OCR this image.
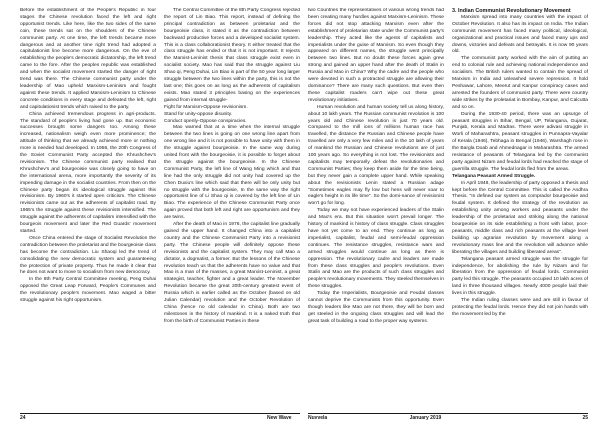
Before the establishment of the People's Republic in four stages the Chinese revolution faced the left and right opportunist trends. Like here, like the two sides of the same coin, these trends sat on the shoulders of the Chinese communist party. At one time, the left trends became more dangerous and at another time right trend had adopted a capitulationist line become more dangerous. On the eve of establishing the people's democratic dictatorship, the left trend came to the fore. After the peoples republic was established and when the socialist movement started the danger of right trend was there. The Chinese communist party under the leadership of Mao upheld Marxism-Leninism and fought against these trends. It applied Marxism-Leninism to Chinese concrete conditions in every stage and defeated the left, right and capitulationist trends which raised to the party.

China achieved tremendous progress in agri-products. The standard of people's living had gone up. But economic successes brought some dangers too. Among these increased, nationalism weigh even more prominence; the attitude of thinking that we already achieved more or nothing more is needed had developed. In 1956, the 20th Congress of the Soviet Communist Party accepted the Khrushchev's revisionism. The Chinese communist party realised that Khrushchev's and bourgeoisie was closely going to have on the international arena, more importantly the severity of its impending damage in the socialist countries. From then on the Chinese party began its ideological struggle against this revisionism. By 1960's it started open criticism. The Chinese revisionists came out as the adherents of capitalist road. By 1965's the struggle against these revisionists intensified. The struggle against the adherents of capitalism intensified with the bourgeois movement and later the Red Guards' movement started.

Once China entered the stage of Socialist Revolution the contradiction between the proletariat and the bourgeoisie class has become the contradiction. Liu Shaoqi led the trend of consolidating the new democratic system and guaranteeing the protection of private property. Thus he made it clear that he does not want to move to socialism from new democracy.

In the 8th Party Central Committee meeting, Peng Duhai opposed the Great Leap Forward, People's Communes and the revolutionary people's movement. Mao waged a bitter struggle against his right opportunism.

The Central Committee of the 8th Party Congress rejected the report of Lin Biao. This report, instead of defining the principal contradiction as between proletariat and the bourgeoisie class, it stated it as the contradiction between backward productive forces and a developed socialist system. This is a class collaborationist theory. It either treated that the class struggle has ended or that it is not important. It rejects the Marxist-Leninist thesis that class struggle exist even in socialist society. Mao has said that the struggle against Liu Shao qi, Peng Duhai, Lin Biao is part of the 50 year long larger struggle between the two lines within the party, this is not the last one; this goes on as long as the adherents of capitalism exists. Mao stated 3 principles basing on the experiences gained from internal struggle-

Fight for Marxism-Oppose revisionism.

Stand for unity-oppose disunity.

Conduct openly-Oppose conspiracies.

Mao warned that at a time when the internal struggle between the two lines is going on one wrong line apart from one wrong line and it is not possible to have unity with them in the struggle against bourgeoisie. In the same way during united front with the bourgeoisie, it is possible to forget about the struggle against the bourgeoisie. In the Chinese Communist Party, the left line of Wang Ming which and that line had the only struggle did not unity had covered up the Chen Duxiu's line which said that there will be only unity but no struggle with the bourgeoisie, In the same way the right opportunist line of Li Shao qi is covered by the left line of Lin Biao. The experience of the Chinese Communist Party once again proved that both left and right are opportunism and they are twins.

After the death of Mao in 1976, the capitalist line gradually gained the upper hand. It changed China into a capitalist country and the Chinese Communist Party into a revisionist party. The Chinese people will definitely oppose these revisionists and the capitalist system. They may call Mao a dictator, a dogmatist, a former. But the lessons of the Chinese revolution teach us that the adherents have no value and that Mao is a man of the masses, a great Marxist-Leninist, a great strategist, teacher, fighter and a great leader. The November Revolution became the great 20th-century greatest event of Russia which is earlier called as the October (based on old Julian Calendar) revolution and the October Revolution of China (hence no old calendar in China). Both are two milestones in the history of mankind. It is a naked truth that from the birth of Communist Parties in these

two Countries the representatives of various wrong trends had been creating many hurdles against Marxism-Leninism. These forces did not stop attacking Marxism even after the establishment of proletarian state under the Communist party's leadership. They acted like the agents of capitalists and imperialists under the guise of Marxism. So even though they appeared on different names, the struggle went principally between two lines. But no doubt these forces again grew strong and gained an upper hand after the death of Stalin in Russia and Mao in China? Why the cadre and the people who were devoted in such a protracted struggle are allowing their dominance? There are many such questions. But even then these capitalist roaders can't wipe out these great revolutionary initiatives.

Human revolution and human society tell us along history, about 10 lakh years. The Russian communist revolution is 100 years old and Chinese revolution is just 70 years old. Compared to the mill ions of millions human race has travelled, the distance the Russian and Chinese people have travelled are only a very few miles and in the 10 lakh of years of mankind the Russian and Chinese revolutions are of just 100 years ago. So everything is not lost. The revisionists and capitalists may temporarily defeat the revolutionaries and Communist Parties; they keep them aside for the time being, but they never gain a complete upper hand. While speaking about the revisionists Lenin stated a Russian adage "Sometimes eagles may fly low but hens will never soar to eagle's height in its life time". So the domi-nance of revisionist won't go for long.

Today we may not have experienced leaders of the Stalin and Mao's era. But this situation won't prevail longer. The history of mankind is history of class struggle. Class struggles have not yet come to an end. They continue as long as imperialist, capitalist, feudal and semi-feudal oppression continues. The resistance struggles, resistance wars and armed struggles would continue as long as there is oppression. The revolutionary cadre and leaders are made from these class struggles and people's revolutions. Even Stalin and Mao are the products of such class struggles and people's revolutionary movements. They steeled themselves in these struggles.

Today the Imperialists, Bourgeoisie and Feudal classes cannot deprive the Communists from this opportunity. Even though leaders like Mao are not there, they will be born and get steeled in the ongoing class struggles and will lead the great task of building a road to the proper way systems.

3. Indian Communist Revolutionary Movement

Marxism spread into many countries with the impact of October Revolution. It also has its impact on India. The Indian communist movement has faced many political, ideological, organizational and practical issues and faced many ups and downs, victories and defeats and betrayals. It is now 90 years old.

The communist party worked with the aim of putting an end to colonial rule and achieving national independence and socialism. The British rulers wanted to contain the spread of Marxism in India and unleashed severe repression. It hold Peshawar, Lahore, Meerut and Kanpur conspiracy cases and arrested the founders of communist party. There were country wide strikes by the proletariat in Bombay, Kanpur, and Calcutta and so on.

During the 1930-40 period, there was an upsurge of peasant struggles in Bihar, Bengal, UP, Telangana, Gujarat, Punjab, Kerala and Madras. There were adivasi struggle in Worli of Maharashtra, peasant struggles in Punnapra-Vayalar of Kerala (1946), Tebhaga in Bengal (1946), Warshagh rose in the Bargla Doab and Ahmednagar in Maharashtra. The armed resistance of peasants of Telangana led by the communist party against Nizam and feudal lords had reached the stage of guerrilla struggle. The feudal lords fled from the areas.

Telangana Peasant Armed Struggle.

In April 1948, the leadership of party opposed a thesis and kept before the Central Committee. This is called the Andhra Thesis. "In defined our system as comprador bourgeoisie and feudal system. It defined the strategy of the revolution as establishing unity among workers and peasants under the leadership of the proletariat and striking along the national bourgeoisie on its side establishing a front with labor, poor-peasants, middle class and rich peasants at the village level building up agrarian revolution by movement along a revolutionary mass line and the revolution will advance while liberating the villages and building liberated areas".

Telangana peasant armed struggle was the struggle for independence, for abolishing the rule by Nizam and for liberation from the oppression of feudal lords. Communist party led this struggle. The peasants occupied 10 lakh acres of land in three thousand villages. Nearly 4000 people laid their lives in this struggle.

The Indian ruling classes were and are still in favour of protecting the feudal lords. Hence they did not join hands with the movement led by the

24	New Wave	Nuvvela	January 2019	25
